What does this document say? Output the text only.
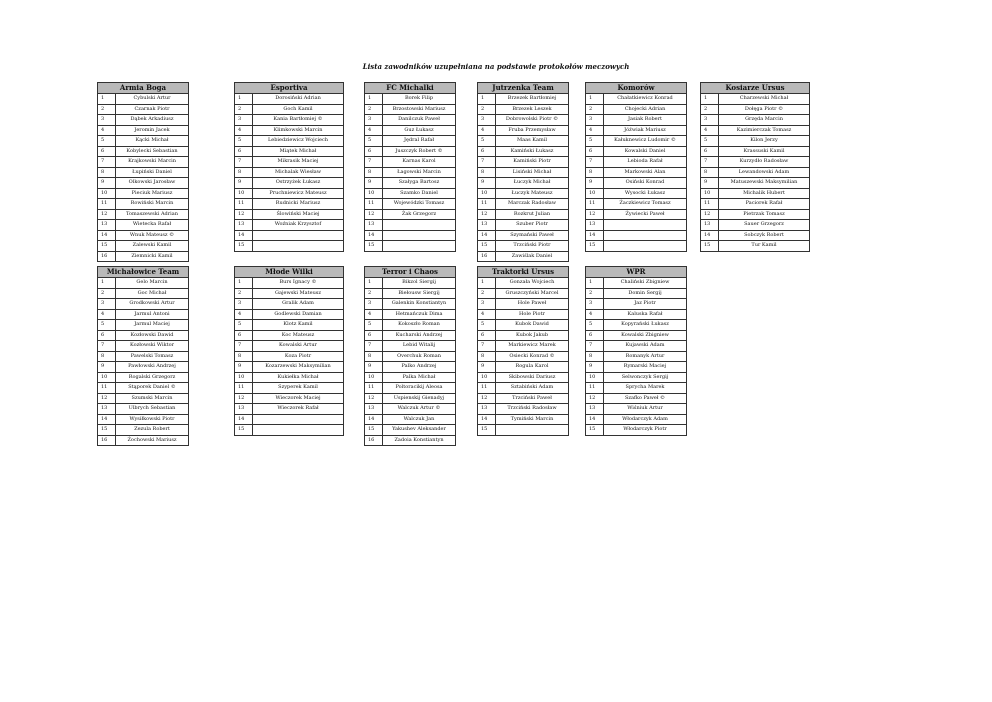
Lista zawodników uzupełniana na podstawie protokołów meczowych
Armia Boga
1	Cybulski Artur
2	Czarnak Piotr
3	Dąbek Arkadiusz
4	Jeromin Jacek
5	Kącki Michał
6	Kobylecki Sebastian
7	Krajkowski Marcin
8	Łupiński Daniel
9	Olkowski Jarosław
10	Pieciuk Mariusz
11	Rowiński Marcin
12	Tomaszewski Adrian
13	Wietecka Rafał
14	Wnuk Mateusz ©
15	Zalewski Kamil
16	Ziemnicki Kamil
Esportiva
1	Dorosiński Adrian
2	Goch Kamil
3	Kania Bartłomiej ©
4	Klimkowski Marcin
5	Lebiedziewicz Wojciech
6	Miątek Michał
7	Mikrasik Maciej
8	Michalak Wiesław
9	Ostrzyżek Łukasz
10	Pruchniewicz Mateusz
11	Rudnicki Mariusz
12	Ślowiński Maciej
13	Woźniak Krzysztof
14	
15	
FC Michalki
1	Borek Filip
2	Brzostowski Mariusz
3	Danilczuk Paweł
4	Guz Łukasz
5	Jędral Rafał
6	Juszczyk Robert ©
7	Karnas Karol
8	Łagowski Marcin
9	Szałyga Bartosz
10	Szamko Daniel
11	Wojewódzki Tomasz
12	Żak Grzegorz
13	
14	
15	
Jutrzenka Team
1	Brzezek Bartłomiej
2	Brzezek Leszek
3	Dobrowolski Piotr ©
4	Fruba Przemysław
5	Maas Kamil
6	Kamiński Łukasz
7	Kamiński Piotr
8	Lisiński Michał
9	Łuczyk Michał
10	Łuczyk Mateusz
11	Marczak Radosław
12	Rozkrut Julian
13	Szuber Piotr
14	Szymański Paweł
15	Trzciński Piotr
16	Zawiślak Daniel
Komorów
1	Chałatkiewicz Konrad
2	Chojecki Adrian
3	Jasiak Robert
4	Jóźwiak Mariusz
5	Kałuknewicz Ludomir ©
6	Kowalski Daniel
7	Lebioda Rafał
8	Markowski Alan
9	Osiński Konrad
10	Wysocki Łukasz
11	Żaczkiewicz Tomasz
12	Żywiecki Paweł
13	
14	
15	
Kosiarze Ursus
1	Charzewski Michał
2	Dołęga Piotr ©
3	Grzęda Marcin
4	Kazimierczak Tomasz
5	Kilon Jerzy
6	Krassuski Kamil
7	Kurzydło Radosław
8	Lewandowski Adam
9	Matuszewski Maksymilian
10	Michalik Hubert
11	Paciorek Rafał
12	Pietrzak Tomasz
13	Sauer Grzegorz
14	Sobczyk Robert
15	Tur Kamil
Michałowice Team
1	Gelo Marcin
2	Goc Michał
3	Grodkowski Artur
4	Jarmul Antoni
5	Jarmul Maciej
6	Kozłowski Dawid
7	Kozłowski Wiktor
8	Pawelski Tomasz
9	Pawłowski Andrzej
10	Rogalski Grzegorz
11	Stąporek Daniel ©
12	Szumski Marcin
13	Ulbrych Sebastian
14	Wysiłkowski Piotr
15	Zezula Robert
16	Żochowski Mariusz
Młode Wilki
1	Burs Ignacy ©
2	Gajewski Mateusz
3	Gralik Adam
4	Godlewski Damian
5	Klotz Kamil
6	Koc Mateusz
7	Kowalski Artur
8	Koza Piotr
9	Kozarzewski Maksymilian
10	Kukiełka Michał
11	Szyperek Kamil
12	Wieczorek Maciej
13	Wieczorek Rafał
14	
15	
Terror i Chaos
1	Bikzol Siergij
2	Biełousw Siergij
3	Galenkin Konstiantyn
4	Hetmańczuk Dima
5	Kokoszło Roman
6	Kucharski Andrzej
7	Lebid Witalij
8	Overchuk Roman
9	Palko Andrzej
10	Palka Michał
11	Poltoracikij Aleosa
12	Uspienskij Gienadyj
13	Walczuk Artur ©
14	Walczuk Jan
15	Yakushev Aleksander
16	Zadoia Konstiantyn
Traktorki Ursus
1	Gonzała Wojciech
2	Gruszczyński Marcel
3	Hole Paweł
4	Hole Piotr
5	Kubok Dawid
6	Kubok Jakub
7	Markiewicz Marek
8	Osiecki Konrad ©
9	Rogula Karol
10	Skibowski Dariusz
11	Sztabiński Adam
12	Trzciński Paweł
13	Trzciński Radosław
14	Tymiński Marcin
15	
WPR
1	Chaliński Zbigniew
2	Domin Sergij
3	Jaz Piotr
4	Kaluska Rafał
5	Kopyrański Łukasz
6	Kowalski Zbigniew
7	Kujawski Adam
8	Romanyk Artur
9	Rymarski Maciej
10	Selwonczyk Sergij
11	Sprycha Marek
12	Szafko Paweł ©
13	Wiśniuk Artur
14	Włodarczyk Adam
15	Włodarczyk Piotr
